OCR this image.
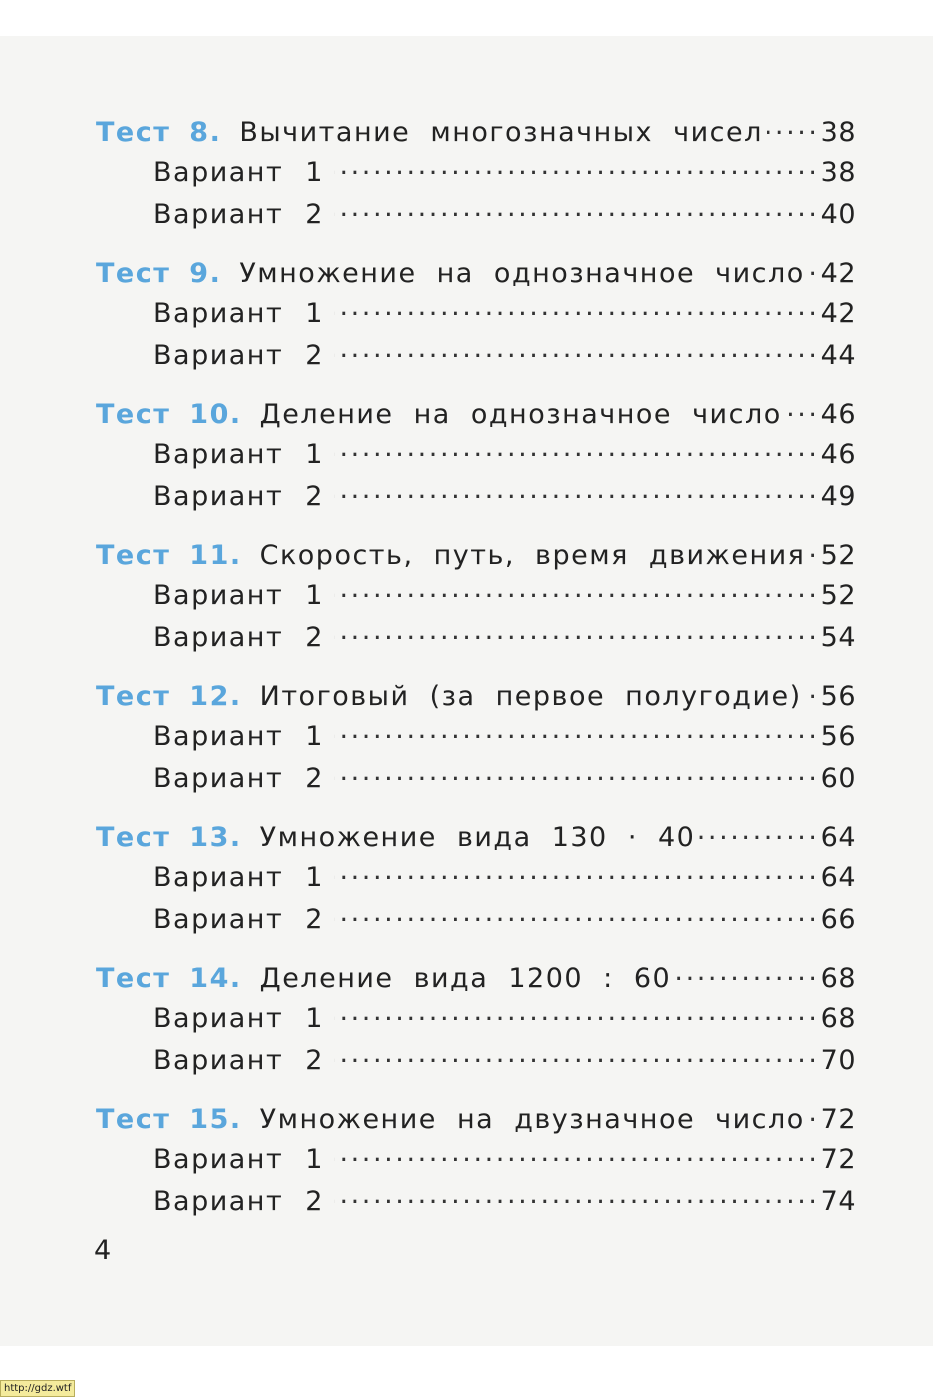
Тест 8. Вычитание многозначных чисел . . . 38
Вариант 1 . . .	38
Вариант 2 . . .	40
Тест 9. Умножение на однозначное число . . . 42
Вариант 1 . . .	42
Вариант 2 . . .	44
Тест 10. Деление на однозначное число . . . 46
Вариант 1 . . .	46
Вариант 2 . . .	49
Тест 11. Скорость, путь, время движения . . . 52
Вариант 1 . . .	52
Вариант 2 . . .	54
Тест 12. Итоговый (за первое полугодие) . . . 56
Вариант 1 . . .	56
Вариант 2 . . .	60
Тест 13. Умножение вида 130 · 40 . . .	64
Вариант 1 . . .	64
Вариант 2 . . .	66
Тест 14. Деление вида 1200 : 60 . . .	68
Вариант 1 . . .	68
Вариант 2 . . .	70
Тест 15. Умножение на двузначное число . . . 72
Вариант 1 . . .	72
Вариант 2 . . .	74
4
http://gdz.wtf
